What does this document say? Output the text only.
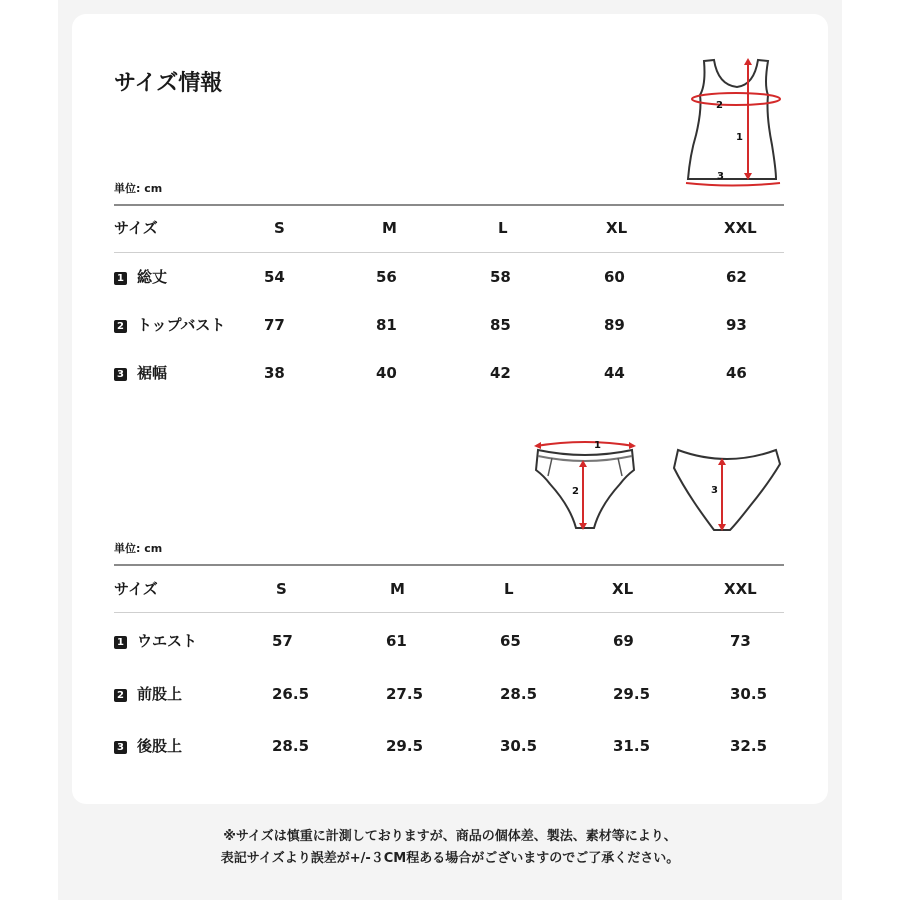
サイズ情報
2
1
3
単位: cm
サイズ	S	M	L	XL	XXL
1 総丈	54	56	58	60	62
2 トップバスト	77	81	85	89	93
3 裾幅	38	40	42	44	46
1
2	3
単位: cm
サイズ	S	M	L	XL	XXL
1 ウエスト	57	61	65	69	73
2 前股上	26.5	27.5	28.5	29.5	30.5
3 後股上	28.5	29.5	30.5	31.5	32.5
※サイズは慎重に計測しておりますが、商品の個体差、製法、素材等により、
表記サイズより誤差が+/-３CM程ある場合がございますのでご了承ください。
